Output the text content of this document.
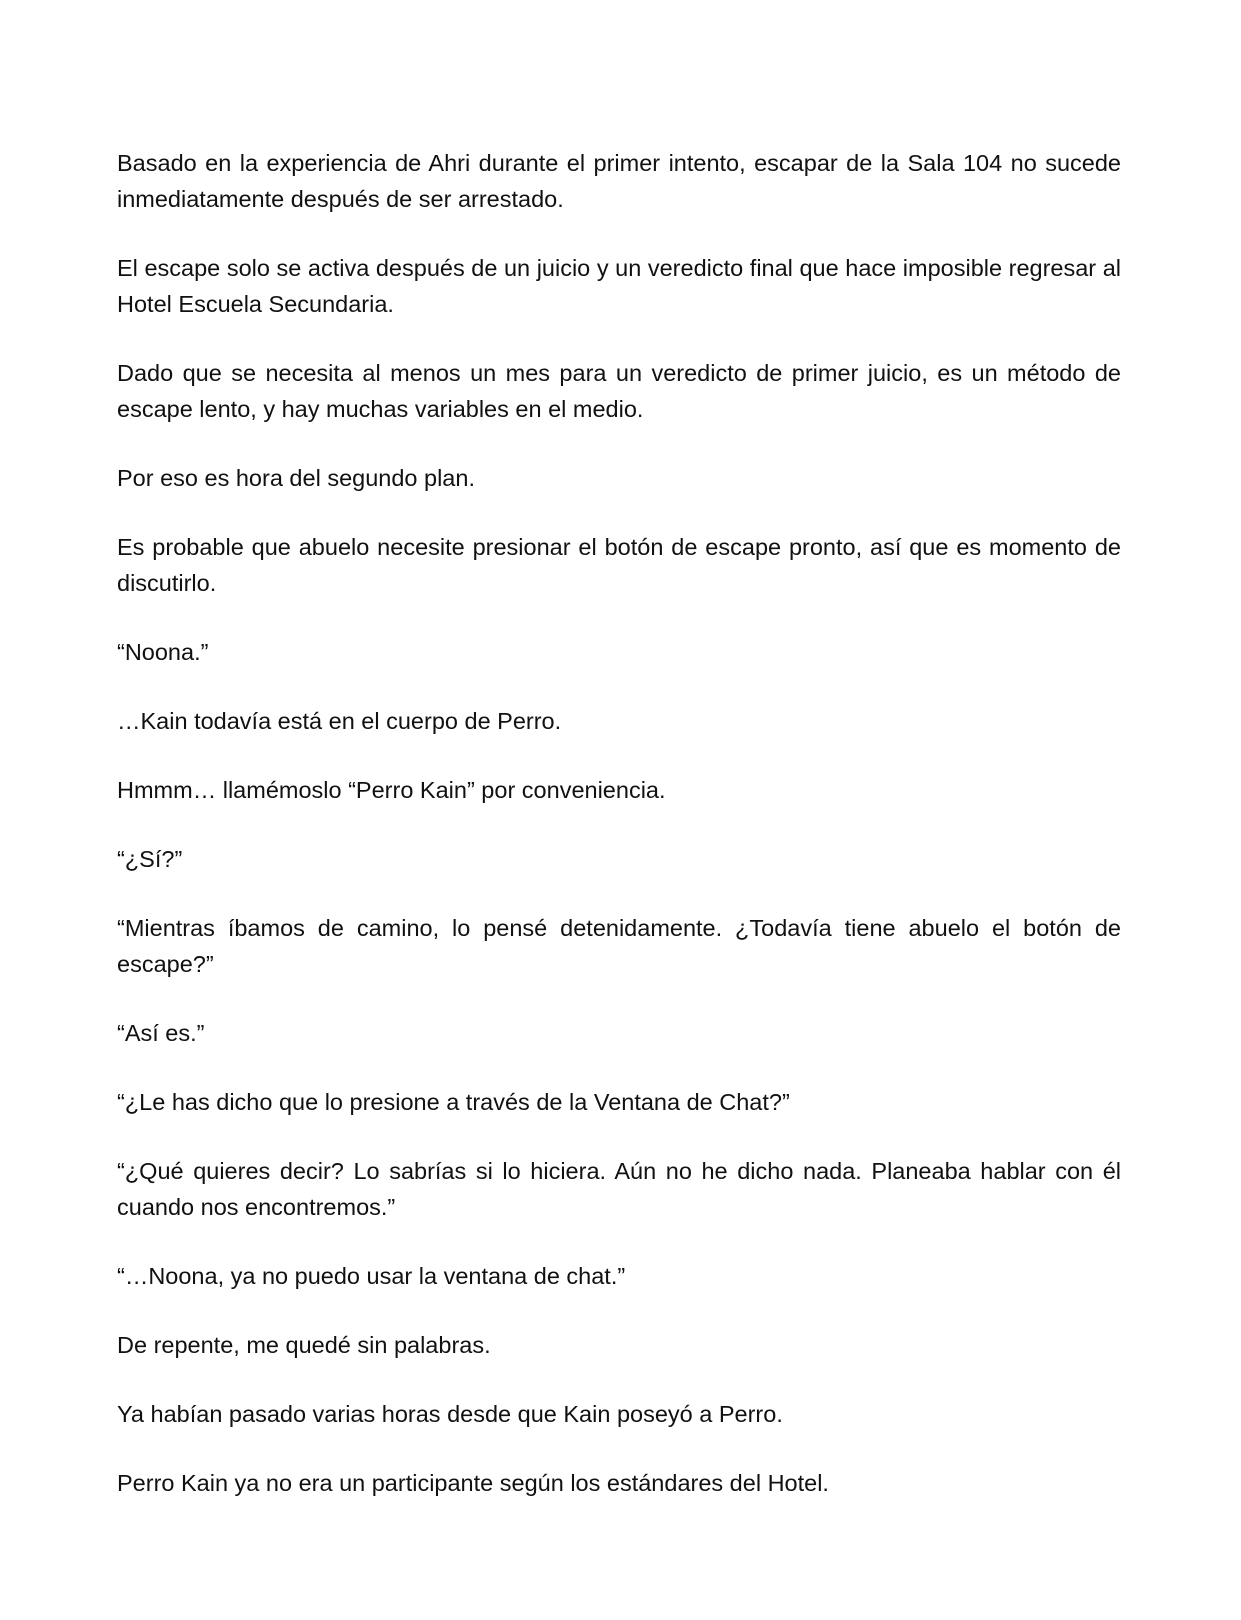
Basado en la experiencia de Ahri durante el primer intento, escapar de la Sala 104 no sucede inmediatamente después de ser arrestado.

El escape solo se activa después de un juicio y un veredicto final que hace imposible regresar al Hotel Escuela Secundaria.

Dado que se necesita al menos un mes para un veredicto de primer juicio, es un método de escape lento, y hay muchas variables en el medio.

Por eso es hora del segundo plan.

Es probable que abuelo necesite presionar el botón de escape pronto, así que es momento de discutirlo.

“Noona.”

…Kain todavía está en el cuerpo de Perro.

Hmmm… llamémoslo “Perro Kain” por conveniencia.

“¿Sí?”

“Mientras íbamos de camino, lo pensé detenidamente. ¿Todavía tiene abuelo el botón de escape?”

“Así es.”

“¿Le has dicho que lo presione a través de la Ventana de Chat?”

“¿Qué quieres decir? Lo sabrías si lo hiciera. Aún no he dicho nada. Planeaba hablar con él cuando nos encontremos.”

“…Noona, ya no puedo usar la ventana de chat.”

De repente, me quedé sin palabras.

Ya habían pasado varias horas desde que Kain poseyó a Perro.

Perro Kain ya no era un participante según los estándares del Hotel.
